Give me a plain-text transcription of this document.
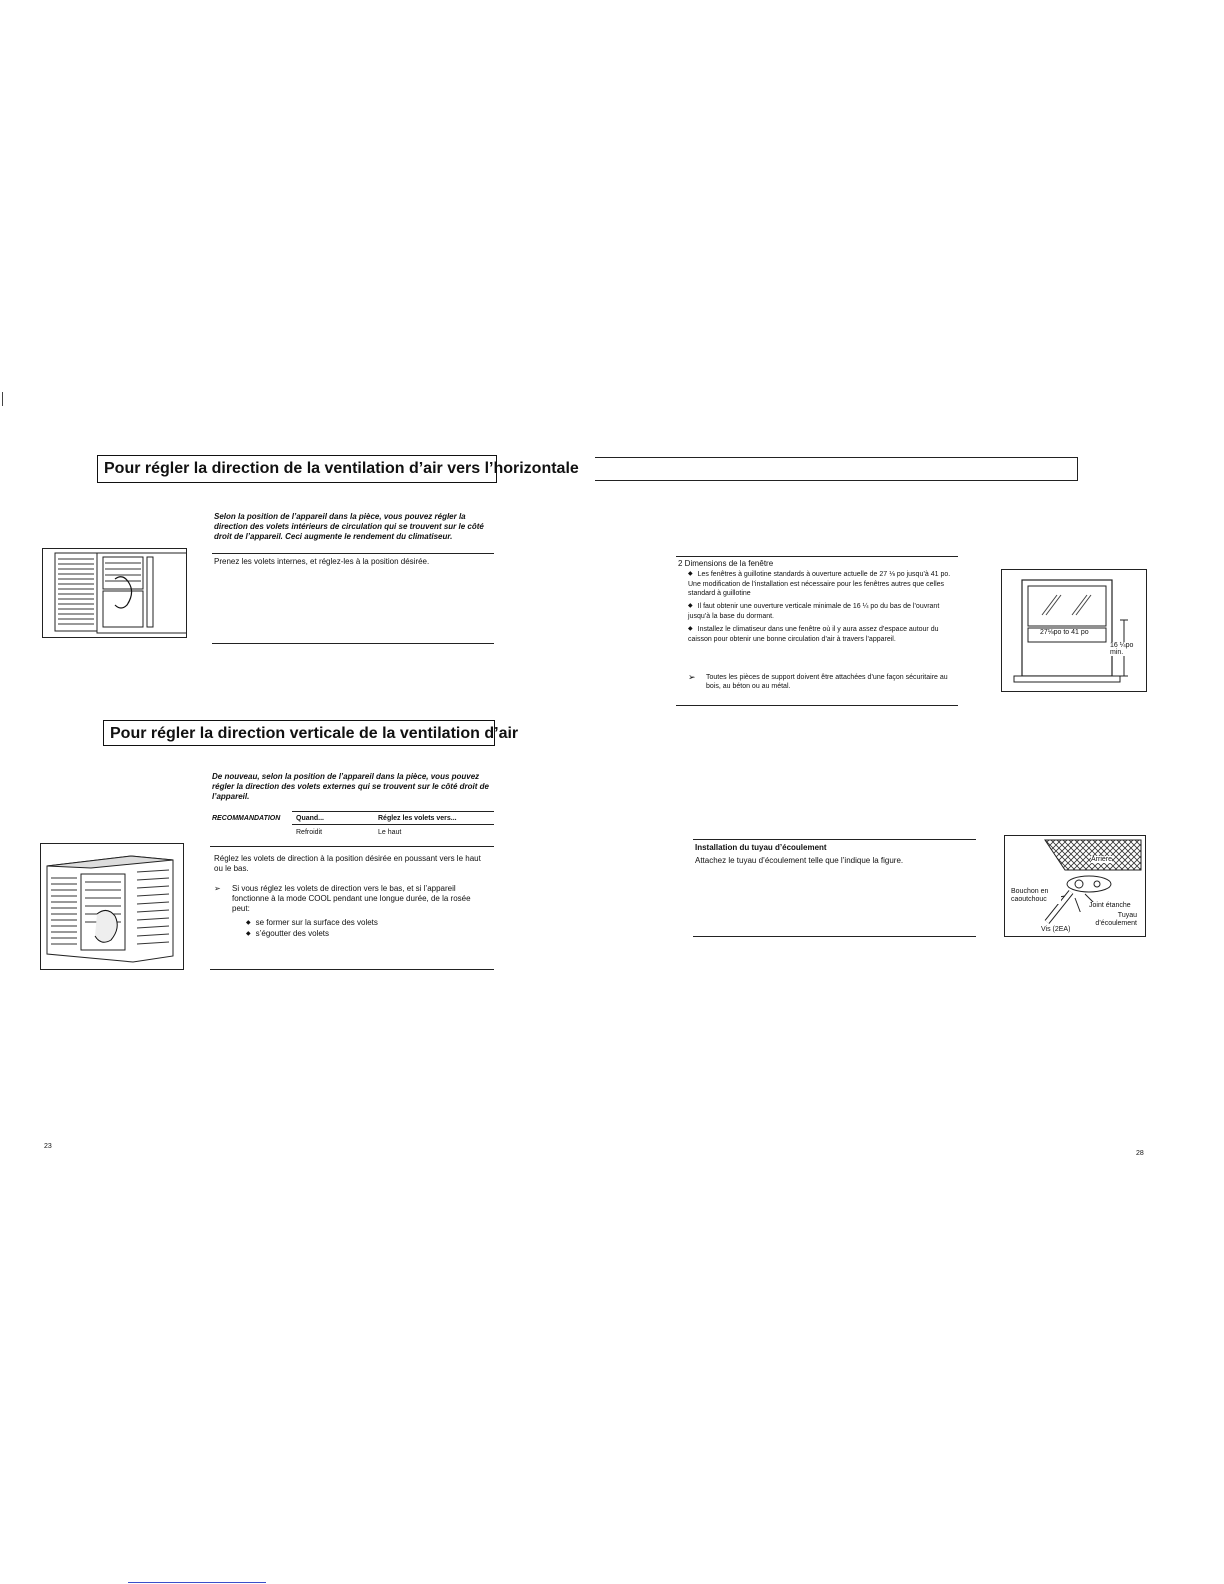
Pour régler la direction de la ventilation d’air vers l’horizontale
Selon la position de l’appareil dans la pièce, vous pouvez régler la direction des volets intérieurs de circulation qui se trouvent sur le côté droit de l’appareil. Ceci augmente le rendement du climatiseur.
Prenez les volets internes, et réglez-les à la position désirée.
Pour régler la direction verticale de la ventilation d’air
De nouveau, selon la position de l’appareil dans la pièce, vous pouvez régler la direction des volets externes qui se trouvent sur le côté droit de l’appareil.
RECOMMANDATION Quand...	Réglez les volets vers...
Refroidit	Le haut
Réglez les volets de direction à la position désirée en poussant vers le haut ou le bas.
➢ Si vous réglez les volets de direction vers le bas, et si l’appareil fonctionne à la mode COOL pendant une longue durée, de la rosée peut:
◆ se former sur la surface des volets
◆ s’égoutter des volets
23
2 Dimensions de la fenêtre
◆ Les fenêtres à guillotine standards à ouverture actuelle de 27 ⅛ po jusqu’à 41 po. Une modification de l’installation est nécessaire pour les fenêtres autres que celles standard à guillotine
◆ Il faut obtenir une ouverture verticale minimale de 16 ¼ po du bas de l’ouvrant jusqu’à la base du dormant.
◆ Installez le climatiseur dans une fenêtre où il y aura assez d’espace autour du caisson pour obtenir une bonne circulation d’air à travers l’appareil.
➢ Toutes les pièces de support doivent être attachées d’une façon sécuritaire au bois, au béton ou au métal.
27⅛po to 41 po
16 ¼po min.
Installation du tuyau d’écoulement
Attachez le tuyau d’écoulement telle que l’indique la figure.	Arrière
Bouchon en caoutchouc
Joint étanche
Tuyau d’écoulement
Vis (2EA)
28
